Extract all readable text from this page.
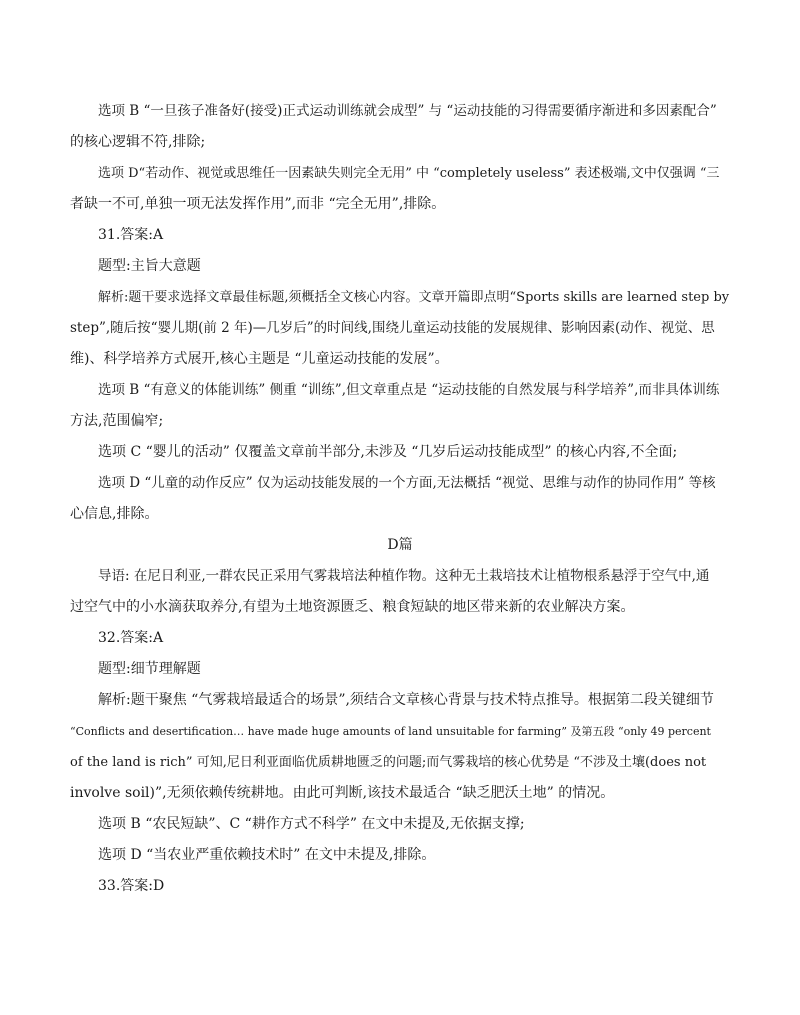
选项 B “一旦孩子准备好(接受)正式运动训练就会成型” 与 “运动技能的习得需要循序渐进和多因素配合”
的核心逻辑不符,排除;
选项 D“若动作、视觉或思维任一因素缺失则完全无用” 中 “completely useless” 表述极端,文中仅强调 “三
者缺一不可,单独一项无法发挥作用”,而非 “完全无用”,排除。
31.答案:A
题型:主旨大意题
解析:题干要求选择文章最佳标题,须概括全文核心内容。文章开篇即点明“Sports skills are learned step by
step”,随后按“婴儿期(前 2 年)—几岁后”的时间线,围绕儿童运动技能的发展规律、影响因素(动作、视觉、思
维)、科学培养方式展开,核心主题是 “儿童运动技能的发展”。
选项 B “有意义的体能训练” 侧重 “训练”,但文章重点是 “运动技能的自然发展与科学培养”,而非具体训练
方法,范围偏窄;
选项 C “婴儿的活动” 仅覆盖文章前半部分,未涉及 “几岁后运动技能成型” 的核心内容,不全面;
选项 D “儿童的动作反应” 仅为运动技能发展的一个方面,无法概括 “视觉、思维与动作的协同作用” 等核
心信息,排除。
D篇
导语: 在尼日利亚,一群农民正采用气雾栽培法种植作物。这种无土栽培技术让植物根系悬浮于空气中,通
过空气中的小水滴获取养分,有望为土地资源匮乏、粮食短缺的地区带来新的农业解决方案。
32.答案:A
题型:细节理解题
解析:题干聚焦 “气雾栽培最适合的场景”,须结合文章核心背景与技术特点推导。根据第二段关键细节
“Conflicts and desertification… have made huge amounts of land unsuitable for farming” 及第五段 “only 49 percent
of the land is rich” 可知,尼日利亚面临优质耕地匮乏的问题;而气雾栽培的核心优势是 “不涉及土壤(does not
involve soil)”,无须依赖传统耕地。由此可判断,该技术最适合 “缺乏肥沃土地” 的情况。
选项 B “农民短缺”、C “耕作方式不科学” 在文中未提及,无依据支撑;
选项 D “当农业严重依赖技术时” 在文中未提及,排除。
33.答案:D
